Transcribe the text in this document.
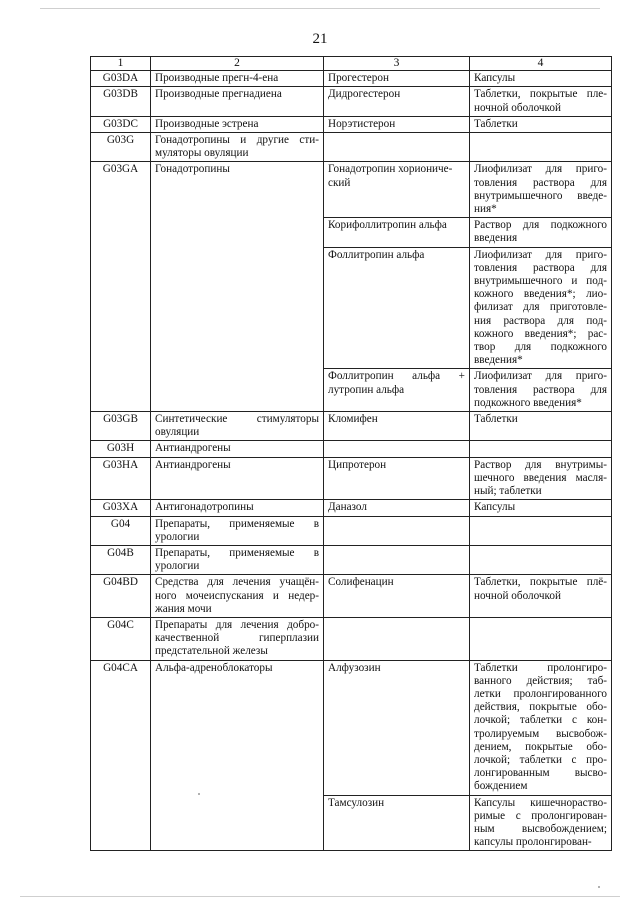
21
1	2	3	4
G03DA	Производные прегн-4-ена	Прогестерон	Капсулы
G03DB	Производные прегнадиена	Дидрогестерон	Таблетки, покрытые пле-ночной оболочкой
G03DC	Производные эстрена	Норэтистерон	Таблетки
G03G	Гонадотропины и другие сти-муляторы овуляции		
G03GA	Гонадотропины	Гонадотропин хориониче-ский	Лиофилизат для приго-товления раствора для внутримышечного введе-ния*
		Корифоллитропин альфа	Раствор для подкожного введения
		Фоллитропин альфа	Лиофилизат для приго-товления раствора для внутримышечного и под-кожного введения*; лио-филизат для приготовле-ния раствора для под-кожного введения*; рас-твор для подкожного введения*
		Фоллитропин альфа + лутропин альфа	Лиофилизат для приго-товления раствора для подкожного введения*
G03GB	Синтетические стимуляторы овуляции	Кломифен	Таблетки
G03H	Антиандрогены		
G03HA	Антиандрогены	Ципротерон	Раствор для внутримы-шечного введения масля-ный; таблетки
G03XA	Антигонадотропины	Даназол	Капсулы
G04	Препараты, применяемые в урологии		
G04B	Препараты, применяемые в урологии		
G04BD	Средства для лечения учащён-ного мочеиспускания и недер-жания мочи	Солифенацин	Таблетки, покрытые плё-ночной оболочкой
G04C	Препараты для лечения добро-качественной гиперплазии предстательной железы		
G04CA	Альфа-адреноблокаторы	Алфузозин	Таблетки пролонгиро-ванного действия; таб-летки пролонгированного действия, покрытые обо-лочкой; таблетки с кон-тролируемым высвобож-дением, покрытые обо-лочкой; таблетки с про-лонгированным высво-бождением
		Тамсулозин	Капсулы кишечнораство-римые с пролонгирован-ным высвобождением; капсулы пролонгирован-
